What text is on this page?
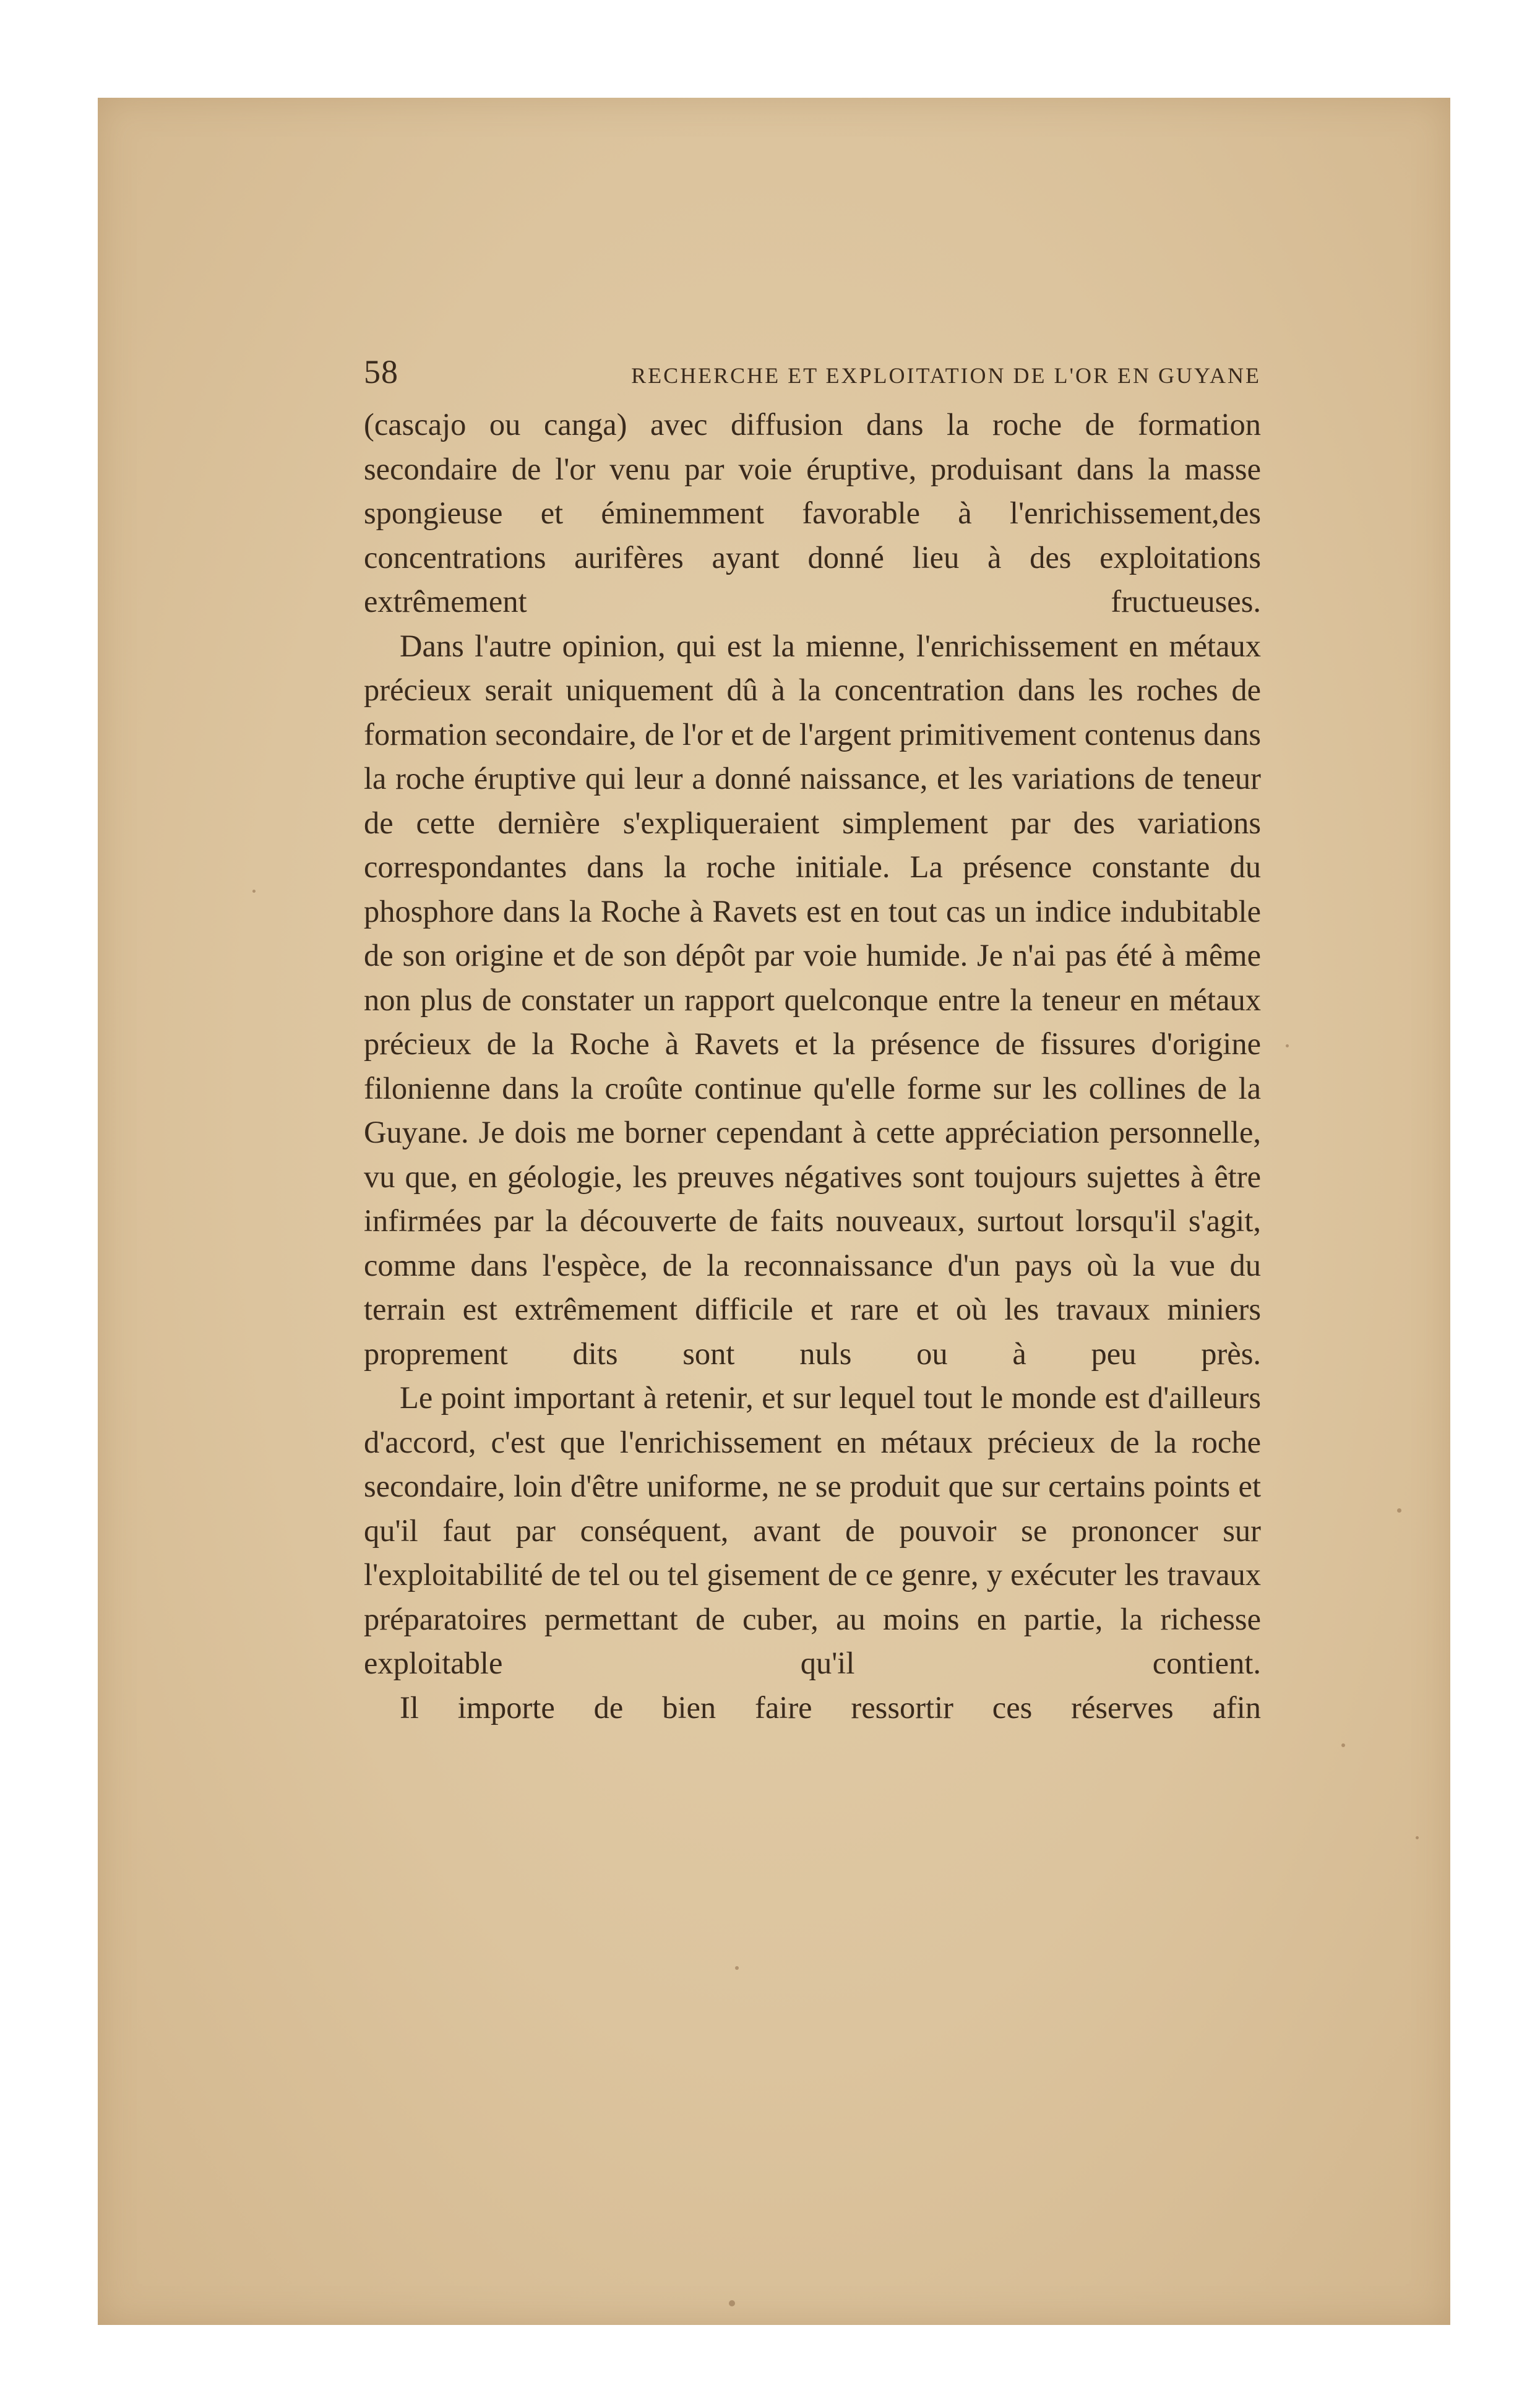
58	RECHERCHE ET EXPLOITATION DE L'OR EN GUYANE

(cascajo ou canga) avec diffusion dans la roche de formation secondaire de l'or venu par voie éruptive, produisant dans la masse spongieuse et éminemment favorable à l'enrichissement,des concentrations aurifères ayant donné lieu à des exploitations extrêmement fructueuses.

Dans l'autre opinion, qui est la mienne, l'enrichissement en métaux précieux serait uniquement dû à la concentration dans les roches de formation secondaire, de l'or et de l'argent primitivement contenus dans la roche éruptive qui leur a donné naissance, et les variations de teneur de cette dernière s'expliqueraient simplement par des variations correspondantes dans la roche initiale. La présence constante du phosphore dans la Roche à Ravets est en tout cas un indice indubitable de son origine et de son dépôt par voie humide. Je n'ai pas été à même non plus de constater un rapport quelconque entre la teneur en métaux précieux de la Roche à Ravets et la présence de fissures d'origine filonienne dans la croûte continue qu'elle forme sur les collines de la Guyane. Je dois me borner cependant à cette appréciation personnelle, vu que, en géologie, les preuves négatives sont toujours sujettes à être infirmées par la découverte de faits nouveaux, surtout lorsqu'il s'agit, comme dans l'espèce, de la reconnaissance d'un pays où la vue du terrain est extrêmement difficile et rare et où les travaux miniers proprement dits sont nuls ou à peu près.

Le point important à retenir, et sur lequel tout le monde est d'ailleurs d'accord, c'est que l'enrichissement en métaux précieux de la roche secondaire, loin d'être uniforme, ne se produit que sur certains points et qu'il faut par conséquent, avant de pouvoir se prononcer sur l'exploitabilité de tel ou tel gisement de ce genre, y exécuter les travaux préparatoires permettant de cuber, au moins en partie, la richesse exploitable qu'il contient.

Il importe de bien faire ressortir ces réserves afin
